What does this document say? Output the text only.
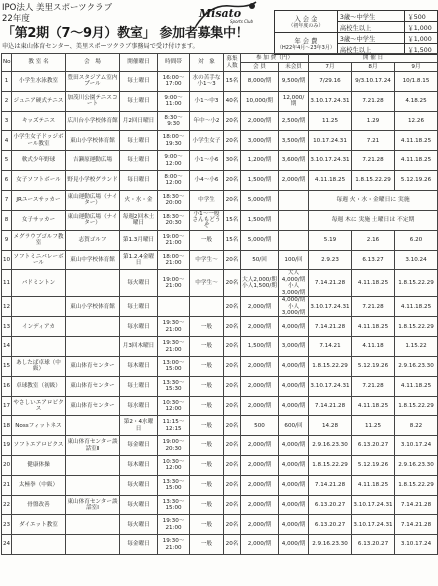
IPO法人 美里スポーツクラブ
22年度
「第2期（7～9月）教室」 参加者募集中！
申込は東山体育センター、美里スポーツクラブ事務局で受け付けます。
Misato
Sports Club	入 会 金
（初年度のみ）	3歳～中学生	￥500
	高校生以上	￥1,000
年 会 費
（H22年4月～23年3月）	3歳～中学生	￥1,000
	高校生以上	￥1,500
No	教 室 名	会　場	開催曜日	時間帯	対　象	募集人数	参 加 費（円）		開 催 日		
							会 員	未会員	7月	8月	9月
1	小学生水泳教室	豊田スタジアム室内プール	毎土曜日	16:00～17:00	水の苦手な小1～3	15名	8,000/期	9,500/期	7/29.16	9/3.10.17.24	10/1.8.15
2	ジュニア硬式テニス	加茂川公園テニスコート	毎土曜日	9:00～11:00	小1～中3	40名	10,000/期	12,000/期	3.10.17.24.31	7.21.28	4.18.25
3	キッズテニス	広川台小学校体育館	月2回日曜日	8:30～9:30	年中～小2	20名	2,000/期	2,500/期	11.25	1.29	12.26
4	小学生女子ドッジボール教室	東山小学校体育館	毎土曜日	18:00～19:30	小学生女子	20名	3,000/期	3,500/期	10.17.24.31	7.21	4.11.18.25
5	軟式少年野球	吉瀬原運動広場	毎土曜日	9:00～12:00	小1～小6	30名	1,200/期	3,600/期	3.10.17.24.31	7.21.28	4.11.18.25
6	女子ソフトボール	野見小学校グランド	毎日曜日	8:00～12:00	小4～小6	20名	1,500/期	2,000/期	4.11.18.25	1.8.15.22.29	5.12.19.26
7	JRユースサッカー	東山運動広場（ナイター）	火・水・金	18:30～20:00	中学生	20名	5,000/期		毎週 火・水・金曜日に 実施		
8	女子サッカー	東山運動広場（ナイター）	毎週2回木土曜日	18:30～20:30	小1～一般さんもどうぞ	15名	1,500/期		毎週 木に 実施 土曜日は 不定期		
9	メグラウブゴルフ教室	志賀ゴルフ	第1.3月曜日	19:00～21:00	一般	15名	5,000/期		5.19	2.16	6.20
10	ソフトミニバレーボール	東山中学校体育館	第1.2.4金曜日	18:00～21:00	中学生～	20名	50/回	100/回	2.9.23	6.13.27	3.10.24
11	バドミントン		毎火曜日	19:00～21:00	中学生～	20名	大人2,000/期 小人1,500/期	大人4,000/期 小人3,000/期	7.14.21.28	4.11.18.25	1.8.15.22.29
12		東山小学校体育館	毎土曜日			20名	2,000/期	4,000/期 小人3,000/期	3.10.17.24.31	7.21.28	4.11.18.25
13	インディアカ		毎水曜日	19:30～21:00	一般	20名	2,000/期	4,000/期	7.14.21.28	4.11.18.25	1.8.15.22.29
14			月3回木曜日	19:30～21:00	一般	20名	1,500/期	3,000/期	7.14.21	4.11.18	1.15.22
15	あしたば卓球（中級）	東山体育センター	毎木曜日	13:00～15:00	一般	20名	2,000/期	4,000/期	1.8.15.22.29	5.12.19.26	2.9.16.23.30
16	卓球教室（初級）	東山体育センター	毎土曜日	13:30～15:30	一般	20名	2,000/期	4,000/期	3.10.17.24.31	7.21.28	4.11.18.25
17	やさしいエアロビクス	東山体育センター	毎水曜日	10:30～12:00	一般	20名	2,000/期	4,000/期	7.14.21.28	4.11.18.25	1.8.15.22.29
18	Nossフィットネス		第2・4水曜日	11:15～12:15	一般	20名	500	600/回	14.28	11.25	8.22
19	ソフトエアロビクス	東山体育センター談話室Ⅱ	毎金曜日	19:00～20:30	一般	20名	2,000/期	4,000/期	2.9.16.23.30	6.13.20.27	3.10.17.24
20	健康体操		毎木曜日	10:30～12:00	一般	20名	2,000/期	4,000/期	1.8.15.22.29	5.12.19.26	2.9.16.23.30
21	太極拳（中級）		毎火曜日	13:30～15:00	一般	20名	2,000/期	4,000/期	7.14.21.28	4.11.18.25	1.8.15.22.29
22	骨盤改善	東山体育センター談話室Ⅰ	毎火曜日	13:30～15:00	一般	20名	2,000/期	4,000/期	6.13.20.27	3.10.17.24.31	7.14.21.28
23	ダイエット教室		毎火曜日	19:30～21:00	一般	20名	2,000/期	4,000/期	6.13.20.27	3.10.17.24.31	7.14.21.28
24			毎金曜日	19:30～21:00	一般	20名	2,000/期	4,000/期	2.9.16.23.30	6.13.20.27	3.10.17.24
